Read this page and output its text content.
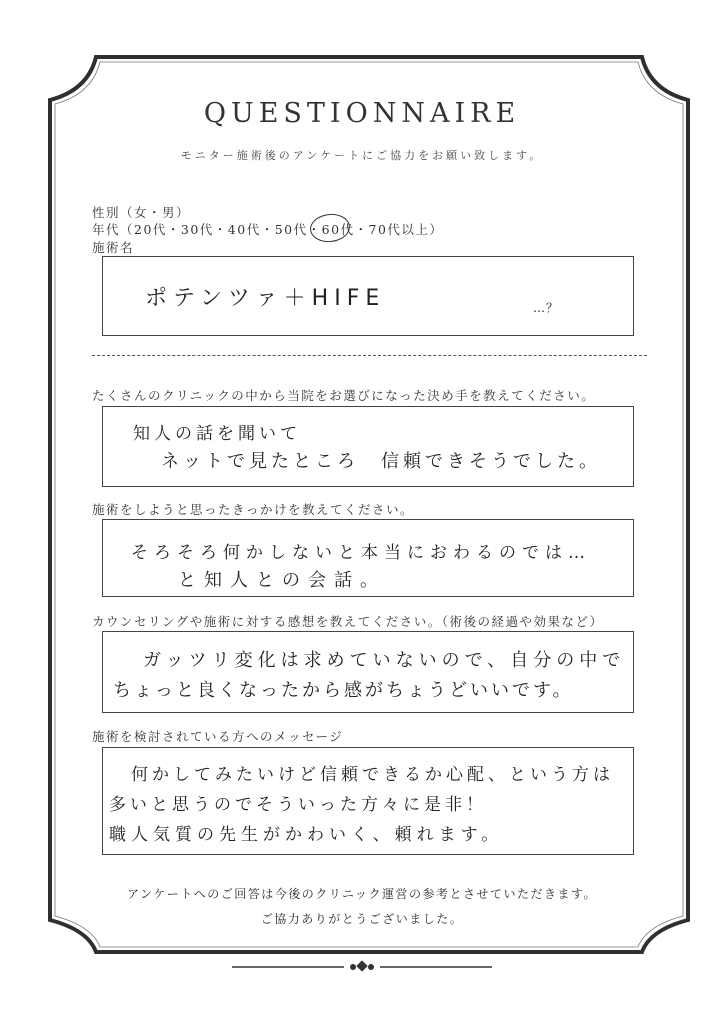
QUESTIONNAIRE
モニター施術後のアンケートにご協力をお願い致します。
性別（女・男）
年代（20代・30代・40代・50代・60代・70代以上）
施術名
ポテンツァ＋HIFE	…？
たくさんのクリニックの中から当院をお選びになった決め手を教えてください。
知人の話を聞いて
ネットで見たところ　信頼できそうでした。
施術をしようと思ったきっかけを教えてください。
そろそろ何かしないと本当におわるのでは…
と知人との会話。
カウンセリングや施術に対する感想を教えてください。（術後の経過や効果など）
ガッツリ変化は求めていないので、自分の中で
ちょっと良くなったから感がちょうどいいです。
施術を検討されている方へのメッセージ
何かしてみたいけど信頼できるか心配、という方は
多いと思うのでそういった方々に是非！
職人気質の先生がかわいく、頼れます。
アンケートへのご回答は今後のクリニック運営の参考とさせていただきます。
ご協力ありがとうございました。
